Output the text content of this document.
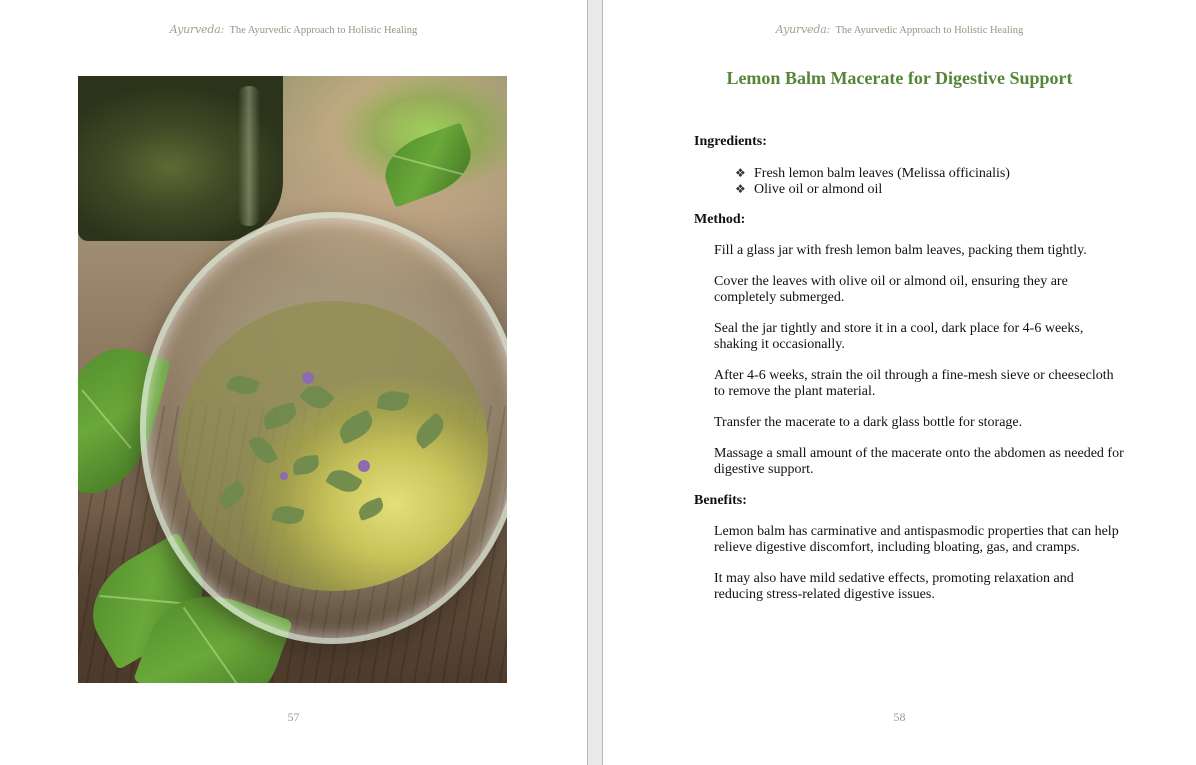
Ayurveda: The Ayurvedic Approach to Holistic Healing
57
Ayurveda: The Ayurvedic Approach to Holistic Healing
Lemon Balm Macerate for Digestive Support
Ingredients:
❖ Fresh lemon balm leaves (Melissa officinalis)
❖ Olive oil or almond oil
Method:

Fill a glass jar with fresh lemon balm leaves, packing them tightly.

Cover the leaves with olive oil or almond oil, ensuring they are completely submerged.

Seal the jar tightly and store it in a cool, dark place for 4-6 weeks, shaking it occasionally.

After 4-6 weeks, strain the oil through a fine-mesh sieve or cheesecloth to remove the plant material.

Transfer the macerate to a dark glass bottle for storage.

Massage a small amount of the macerate onto the abdomen as needed for digestive support.

Benefits:

Lemon balm has carminative and antispasmodic properties that can help relieve digestive discomfort, including bloating, gas, and cramps.

It may also have mild sedative effects, promoting relaxation and reducing stress-related digestive issues.

58
